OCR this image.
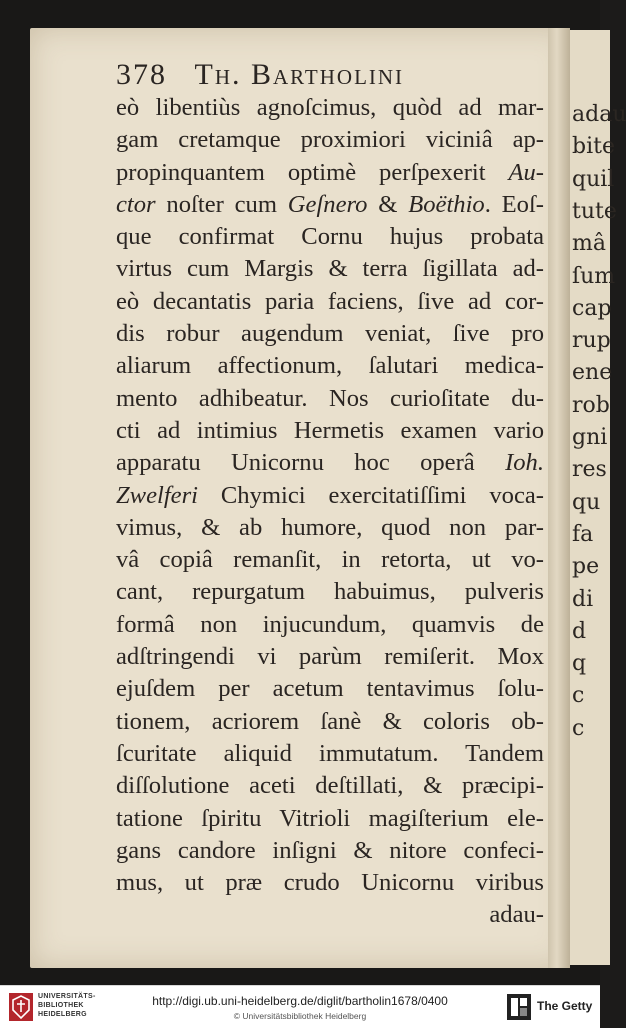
adau
bite
quil
tute
mâ
ſum
cap
rup
ene
rob
gni
res
qu
fa
pe
di
d
q
c
c
378 Th. Bartholini
eò libentiùs agnoſcimus, quòd ad mar-
gam cretamque proximiori viciniâ ap-
propinquantem optimè perſpexerit Au-
ctor noſter cum Geſnero & Boëthio. Eoſ-
que confirmat Cornu hujus probata
virtus cum Margis & terra ſigillata ad-
eò decantatis paria faciens, ſive ad cor-
dis robur augendum veniat, ſive pro
aliarum affectionum, ſalutari medica-
mento adhibeatur. Nos curioſitate du-
cti ad intimius Hermetis examen vario
apparatu Unicornu hoc operâ Ioh.
Zwelferi Chymici exercitatiſſimi voca-
vimus, & ab humore, quod non par-
vâ copiâ remanſit, in retorta, ut vo-
cant, repurgatum habuimus, pulveris
formâ non injucundum, quamvis de
adſtringendi vi parùm remiſerit. Mox
ejuſdem per acetum tentavimus ſolu-
tionem, acriorem ſanè & coloris ob-
ſcuritate aliquid immutatum. Tandem
diſſolutione aceti deſtillati, & præcipi-
tatione ſpiritu Vitrioli magiſterium ele-
gans candore inſigni & nitore confeci-
mus, ut præ crudo Unicornu viribus
adau-
UNIVERSITÄTS-
BIBLIOTHEK
HEIDELBERG
http://digi.ub.uni-heidelberg.de/diglit/bartholin1678/0400
© Universitätsbibliothek Heidelberg
The Getty
